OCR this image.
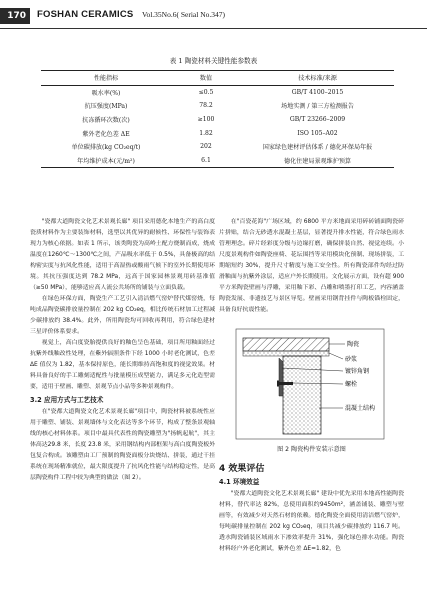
170	FOSHAN CERAMICS Vol.35No.6( Serial No.347)
表 1 陶瓷材料关键性能参数表
性能指标	数值	技术标准/来源
吸水率(%)	≤0.5	GB/T 4100–2015
抗压强度(MPa)	78.2	场地实测 / 第三方检测报告
抗冻循环次数(次)	≥100	GB/T 23266–2009
紫外老化色差 ΔE	1.82	ISO 105–A02
单位碳排放(kg CO₂eq/t)	202	国家绿色建材评估体系 / 德化环保局年报
年均维护成本(元/m²)	6.1	德化住建局景观维护预算

"瓷都大道陶瓷文化艺术景观长廊" 项目采用德化本地生产的高白度瓷质材料作为主要装饰材料，选型以其优异的耐候性、环保性与装饰表现力为核心依据。如表 1 所示，该类陶瓷为高岭土配方烧制而成，烧成温度在1260℃～1300℃之间，产品吸水率低于 0.5%，具备极高的结构密实度与抗风化性能，适用于高湿热或酸雨气候下的室外长期使用环境。其抗压强度达到 78.2 MPa，远高于国家园林景观用砖基准值（≥50 MPa），能够适应高人流公共场所的铺装与立面负载。

在绿色环保方面，陶瓷生产工艺引入清洁燃气窑炉替代煤窑烧，每吨成品陶瓷碳排放量控制在 202 kg CO₂eq，相比传统石材加工过程减少碳排放约 38.4%。此外，所用陶瓷均可回收再利用，符合绿色建材三星评价体系要求。

视觉上，高白度瓷胎提供良好的釉色呈色基础，项目所用釉面经过抗紫外线釉改性处理，在紫外辐照条件下经 1000 小时老化测试，色差 ΔE 值仅为 1.82，基本保持原色，能长期维持高饱和度的视觉效果。材料具备良好的手工雕刻适配性与批量模压成型能力，满足多元化造型需要，适用于壁画、雕塑、景观节点小品等多种景观构件。

3.2 应用方式与工艺技术

在"瓷都大道陶瓷文化艺术景观长廊"项目中，陶瓷材料被系统性应用于雕塑、铺装、景观墙体与文化表达等多个环节，构成了整条景观轴线的核心材料体系。项目中最具代表性的陶瓷雕塑为"扬帆起航"，其主体高达29.8 米，长度 23.8 米，采用钢结构内部框架与高白度陶瓷板外包复合构成。该雕塑由工厂预制的陶瓷面板分块烧结、拼装，通过干挂系统在现场精准就位，最大限度提升了抗风化性能与结构稳定性，是高层陶瓷构件工程中较为典型的做法（图 2）。

在"百瓷花海"广场区域，约 6800 平方米地面采用碎砖铺面陶瓷碎片拼贴，结合无砂透水混凝土基层，显著提升排水性能，符合绿色雨水管理理念。碎片经彩度分级与边缘打磨，确保拼装自然、视觉连续。小尺度景观构件如陶瓷座椅、花坛围挡等采用模块化预制、现场拼装，工期缩短约 30%，提升尺寸精度与施工安全性。所有陶瓷部件均经过防滑釉面与抗紫外涂层，适应户外长期使用。文化展示方面，设有超 900 平方米陶瓷壁画与浮雕，采用釉下彩、凸雕和喷墨打印工艺，内容涵盖陶瓷发展、非遗技艺与景区导览。壁画采用钢背挂件与陶板锚栓固定，具备良好抗震性能。

陶瓷
砂浆
镀锌角钢
螺栓
混凝土结构
图 2 陶瓷构件安装示意图
4 效果评估
4.1 环境效益

"瓷都大道陶瓷文化艺术景观长廊" 建设中优先采用本地高性能陶瓷材料，替代率达 82%，总使用面积约9450m²，涵盖铺装、雕塑与壁画等，有效减少对天然石材的依赖。德化陶瓷全面使用清洁燃气窑炉，每吨碳排量控制在 202 kg CO₂eq，项目共减少碳排放约 116.7 吨。透水陶瓷铺装区域雨水下渗效率提升 31%，强化绿色排水功能。陶瓷材料经户外老化测试，紫外色差 ΔE=1.82，色
